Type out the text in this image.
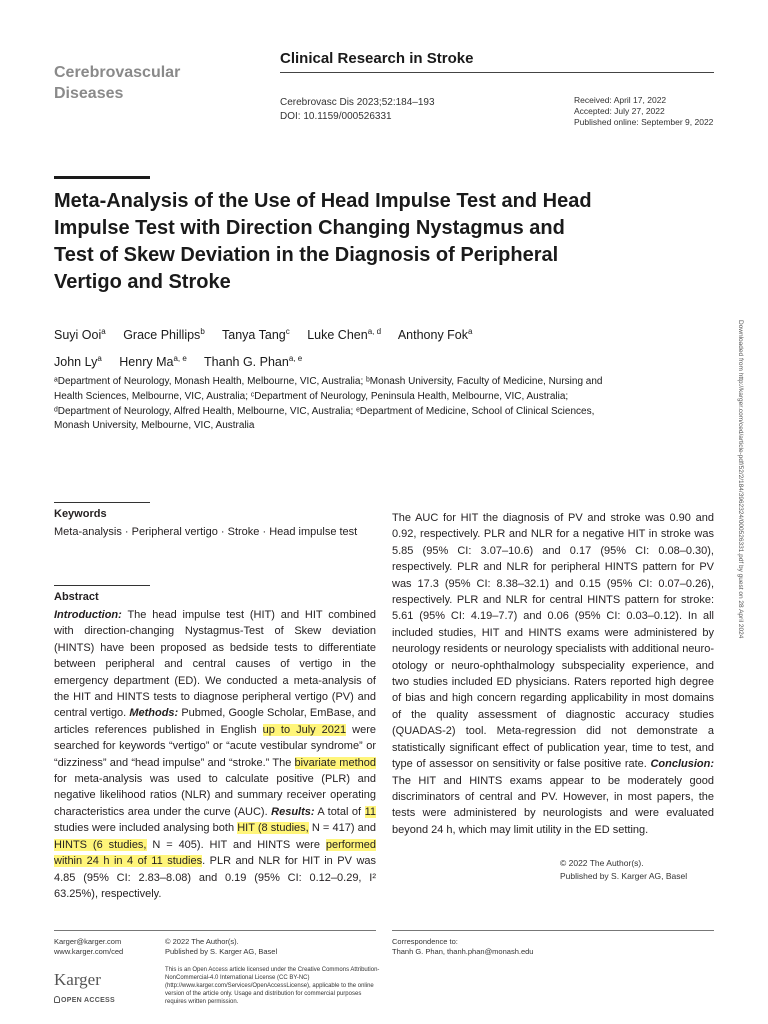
Cerebrovascular
Diseases
Clinical Research in Stroke
Cerebrovasc Dis 2023;52:184–193
DOI: 10.1159/000526331
Received: April 17, 2022
Accepted: July 27, 2022
Published online: September 9, 2022
Meta-Analysis of the Use of Head Impulse Test and Head Impulse Test with Direction Changing Nystagmus and Test of Skew Deviation in the Diagnosis of Peripheral Vertigo and Stroke
Suyi Ooi$^a$ Grace Phillips$^b$ Tanya Tang$^c$ Luke Chen$^{a, d}$ Anthony Fok$^a$
John Ly$^a$ Henry Ma$^{a, e}$ Thanh G. Phan$^{a, e}$
ᵃDepartment of Neurology, Monash Health, Melbourne, VIC, Australia; ᵇMonash University, Faculty of Medicine, Nursing and Health Sciences, Melbourne, VIC, Australia; ᶜDepartment of Neurology, Peninsula Health, Melbourne, VIC, Australia; ᵈDepartment of Neurology, Alfred Health, Melbourne, VIC, Australia; ᵉDepartment of Medicine, School of Clinical Sciences, Monash University, Melbourne, VIC, Australia	Downloaded from http://karger.com/ced/article-pdf/52/2/184/3962324/000526331.pdf by guest on 28 April 2024
Keywords
Meta-analysis · Peripheral vertigo · Stroke · Head impulse test
Abstract
Introduction: The head impulse test (HIT) and HIT combined with direction-changing Nystagmus-Test of Skew deviation (HINTS) have been proposed as bedside tests to differentiate between peripheral and central causes of vertigo in the emergency department (ED). We conducted a meta-analysis of the HIT and HINTS tests to diagnose peripheral vertigo (PV) and central vertigo. Methods: Pubmed, Google Scholar, EmBase, and articles references published in English up to July 2021 were searched for keywords “vertigo” or “acute vestibular syndrome” or “dizziness” and “head impulse” and “stroke.” The bivariate method for meta-analysis was used to calculate positive (PLR) and negative likelihood ratios (NLR) and summary receiver operating characteristics area under the curve (AUC). Results: A total of 11 studies were included analysing both HIT (8 studies, N = 417) and HINTS (6 studies, N = 405). HIT and HINTS were performed within 24 h in 4 of 11 studies. PLR and NLR for HIT in PV was 4.85 (95% CI: 2.83–8.08) and 0.19 (95% CI: 0.12–0.29, I² 63.25%), respectively.
The AUC for HIT the diagnosis of PV and stroke was 0.90 and 0.92, respectively. PLR and NLR for a negative HIT in stroke was 5.85 (95% CI: 3.07–10.6) and 0.17 (95% CI: 0.08–0.30), respectively. PLR and NLR for peripheral HINTS pattern for PV was 17.3 (95% CI: 8.38–32.1) and 0.15 (95% CI: 0.07–0.26), respectively. PLR and NLR for central HINTS pattern for stroke: 5.61 (95% CI: 4.19–7.7) and 0.06 (95% CI: 0.03–0.12). In all included studies, HIT and HINTS exams were administered by neurology residents or neurology specialists with additional neuro-otology or neuro-ophthalmology subspeciality experience, and two studies included ED physicians. Raters reported high degree of bias and high concern regarding applicability in most domains of the quality assessment of diagnostic accuracy studies (QUADAS-2) tool. Meta-regression did not demonstrate a statistically significant effect of publication year, time to test, and type of assessor on sensitivity or false positive rate. Conclusion: The HIT and HINTS exams appear to be moderately good discriminators of central and PV. However, in most papers, the tests were administered by neurologists and were evaluated beyond 24 h, which may limit utility in the ED setting.
© 2022 The Author(s).
Published by S. Karger AG, Basel
Karger@karger.com
www.karger.com/ced
© 2022 The Author(s).
Published by S. Karger AG, Basel
This is an Open Access article licensed under the Creative Commons Attribution-NonCommercial-4.0 International License (CC BY-NC) (http://www.karger.com/Services/OpenAccessLicense), applicable to the online version of the article only. Usage and distribution for commercial purposes requires written permission.
Karger
OPEN ACCESS
Correspondence to:
Thanh G. Phan, thanh.phan@monash.edu
